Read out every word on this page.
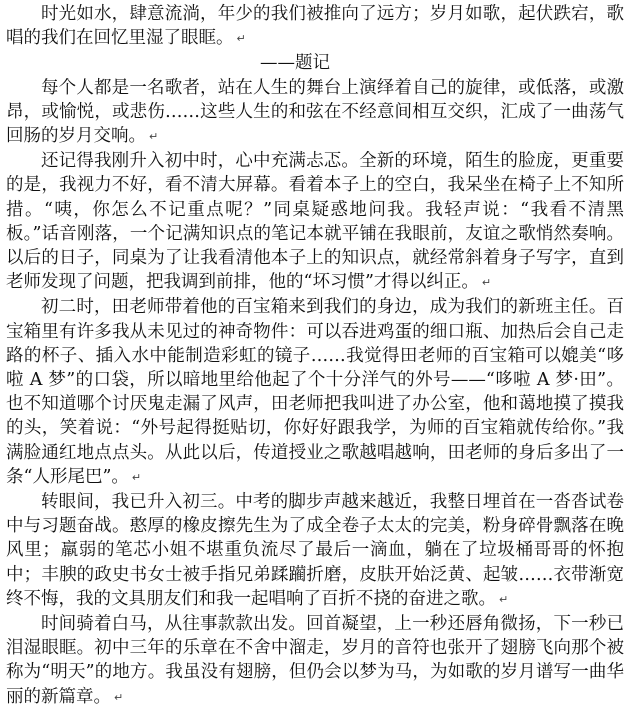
时光如水，肆意流淌，年少的我们被推向了远方；岁月如歌，起伏跌宕，歌唱的我们在回忆里湿了眼眶。 ↵

——题记

每个人都是一名歌者，站在人生的舞台上演绎着自己的旋律，或低落，或激昂，或愉悦，或悲伤……这些人生的和弦在不经意间相互交织，汇成了一曲荡气回肠的岁月交响。 ↵

还记得我刚升入初中时，心中充满忐忑。全新的环境，陌生的脸庞，更重要的是，我视力不好，看不清大屏幕。看着本子上的空白，我呆坐在椅子上不知所措。“咦，你怎么不记重点呢？”同桌疑惑地问我。我轻声说：“我看不清黑板。”话音刚落，一个记满知识点的笔记本就平铺在我眼前，友谊之歌悄然奏响。以后的日子，同桌为了让我看清他本子上的知识点，就经常斜着身子写字，直到老师发现了问题，把我调到前排，他的“坏习惯”才得以纠正。 ↵

初二时，田老师带着他的百宝箱来到我们的身边，成为我们的新班主任。百宝箱里有许多我从未见过的神奇物件：可以吞进鸡蛋的细口瓶、加热后会自己走路的杯子、插入水中能制造彩虹的镜子……我觉得田老师的百宝箱可以媲美“哆啦 A 梦”的口袋，所以暗地里给他起了个十分洋气的外号——“哆啦 A 梦·田”。也不知道哪个讨厌鬼走漏了风声，田老师把我叫进了办公室，他和蔼地摸了摸我的头，笑着说：“外号起得挺贴切，你好好跟我学，为师的百宝箱就传给你。”我满脸通红地点点头。从此以后，传道授业之歌越唱越响，田老师的身后多出了一条“人形尾巴”。 ↵

转眼间，我已升入初三。中考的脚步声越来越近，我整日埋首在一沓沓试卷中与习题奋战。憨厚的橡皮擦先生为了成全卷子太太的完美，粉身碎骨飘落在晚风里；羸弱的笔芯小姐不堪重负流尽了最后一滴血，躺在了垃圾桶哥哥的怀抱中；丰腴的政史书女士被手指兄弟蹂躏折磨，皮肤开始泛黄、起皱……衣带渐宽终不悔，我的文具朋友们和我一起唱响了百折不挠的奋进之歌。 ↵

时间骑着白马，从往事款款出发。回首凝望，上一秒还唇角微扬，下一秒已泪湿眼眶。初中三年的乐章在不舍中溜走，岁月的音符也张开了翅膀飞向那个被称为“明天”的地方。我虽没有翅膀，但仍会以梦为马，为如歌的岁月谱写一曲华丽的新篇章。 ↵
